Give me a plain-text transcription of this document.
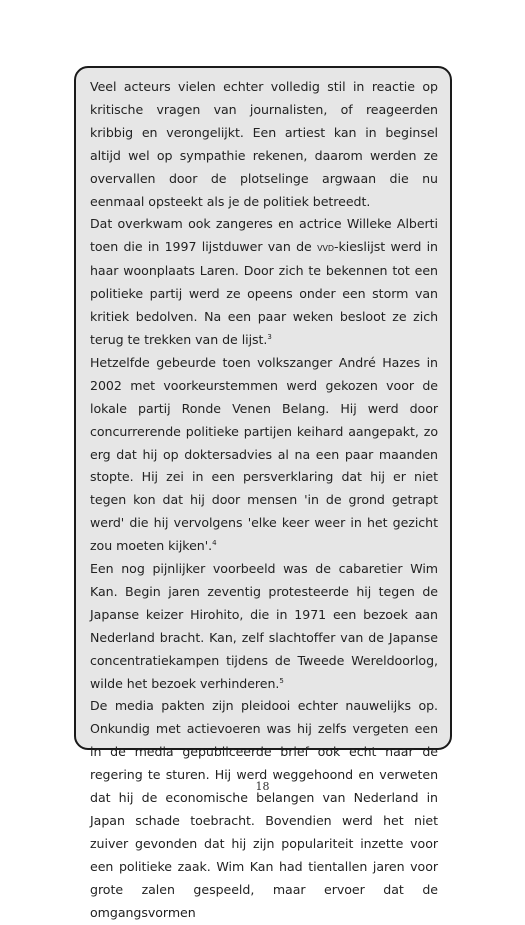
Veel acteurs vielen echter volledig stil in reactie op kritische vragen van journalisten, of reageerden kribbig en verongelijkt. Een artiest kan in beginsel altijd wel op sympathie rekenen, daarom werden ze overvallen door de plotselinge argwaan die nu eenmaal opsteekt als je de politiek betreedt.

Dat overkwam ook zangeres en actrice Willeke Alberti toen die in 1997 lijstduwer van de vvd-kieslijst werd in haar woonplaats Laren. Door zich te bekennen tot een politieke partij werd ze opeens onder een storm van kritiek bedolven. Na een paar weken besloot ze zich terug te trekken van de lijst.$^3$

Hetzelfde gebeurde toen volkszanger André Hazes in 2002 met voorkeurstemmen werd gekozen voor de lokale partij Ronde Venen Belang. Hij werd door concurrerende politieke partijen keihard aangepakt, zo erg dat hij op doktersadvies al na een paar maanden stopte. Hij zei in een persverklaring dat hij er niet tegen kon dat hij door mensen 'in de grond getrapt werd' die hij vervolgens 'elke keer weer in het gezicht zou moeten kijken'.$^4$

Een nog pijnlijker voorbeeld was de cabaretier Wim Kan. Begin jaren zeventig protesteerde hij tegen de Japanse keizer Hirohito, die in 1971 een bezoek aan Nederland bracht. Kan, zelf slachtoffer van de Japanse concentratiekampen tijdens de Tweede Wereldoorlog, wilde het bezoek verhinderen.$^5$

De media pakten zijn pleidooi echter nauwelijks op. Onkundig met actievoeren was hij zelfs vergeten een in de media gepubliceerde brief ook echt naar de regering te sturen. Hij werd weggehoond en verweten dat hij de economische belangen van Nederland in Japan schade toebracht. Bovendien werd het niet zuiver gevonden dat hij zijn populariteit inzette voor een politieke zaak. Wim Kan had tientallen jaren voor grote zalen gespeeld, maar ervoer dat de omgangsvormen

18
